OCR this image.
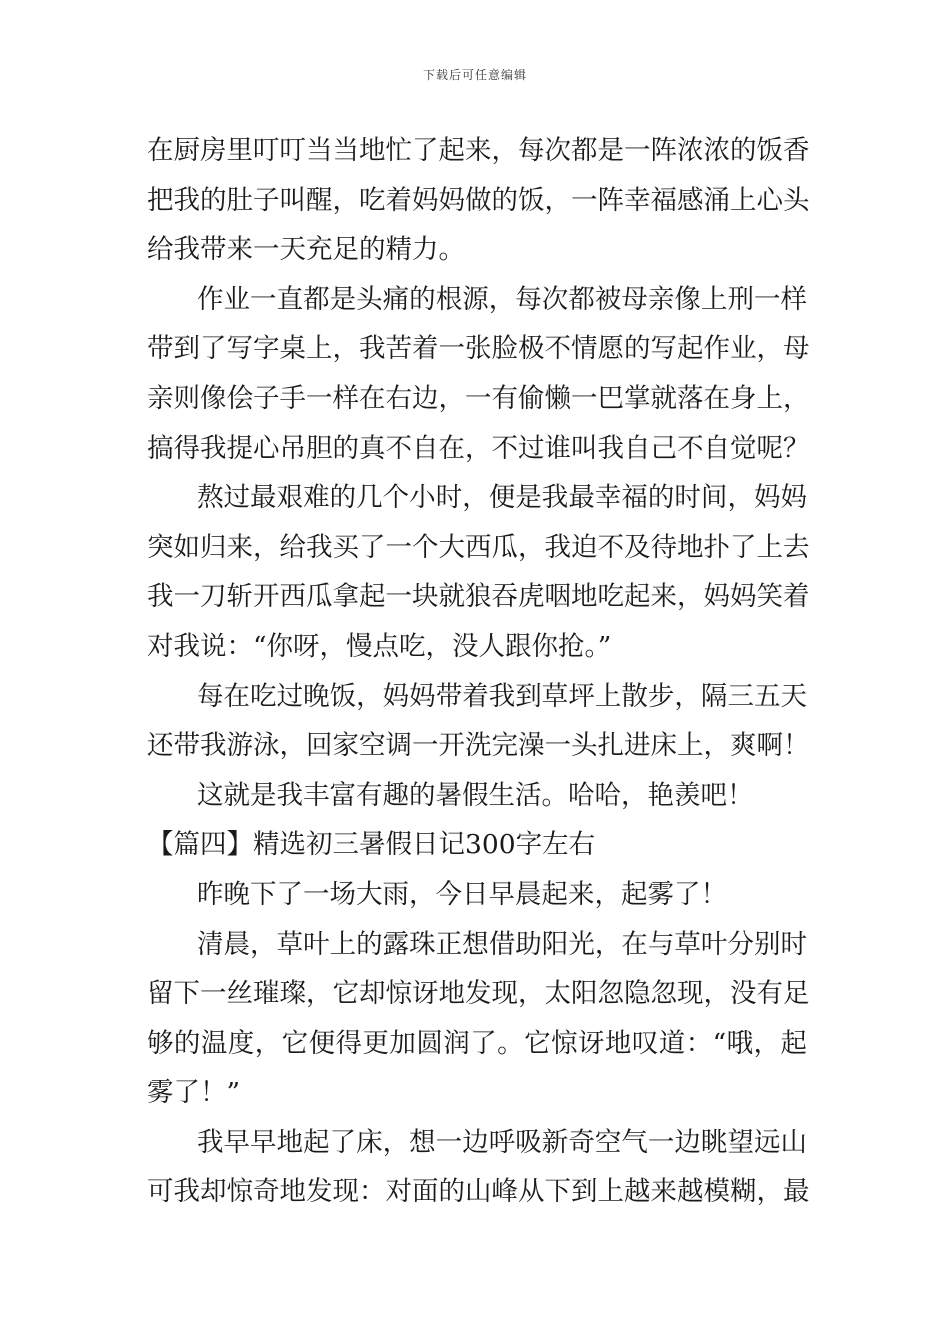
下载后可任意编辑
在厨房里叮叮当当地忙了起来，每次都是一阵浓浓的饭香
把我的肚子叫醒，吃着妈妈做的饭，一阵幸福感涌上心头
给我带来一天充足的精力。
作业一直都是头痛的根源，每次都被母亲像上刑一样
带到了写字桌上，我苦着一张脸极不情愿的写起作业，母
亲则像侩子手一样在右边，一有偷懒一巴掌就落在身上，
搞得我提心吊胆的真不自在，不过谁叫我自己不自觉呢？
熬过最艰难的几个小时，便是我最幸福的时间，妈妈
突如归来，给我买了一个大西瓜，我迫不及待地扑了上去
我一刀斩开西瓜拿起一块就狼吞虎咽地吃起来，妈妈笑着
对我说：“你呀，慢点吃，没人跟你抢。”
每在吃过晚饭，妈妈带着我到草坪上散步，隔三五天
还带我游泳，回家空调一开洗完澡一头扎进床上，爽啊！
这就是我丰富有趣的暑假生活。哈哈，艳羡吧！
【篇四】精选初三暑假日记300字左右
昨晚下了一场大雨，今日早晨起来，起雾了！
清晨，草叶上的露珠正想借助阳光，在与草叶分别时
留下一丝璀璨，它却惊讶地发现，太阳忽隐忽现，没有足
够的温度，它便得更加圆润了。它惊讶地叹道：“哦，起
雾了！”
我早早地起了床，想一边呼吸新奇空气一边眺望远山
可我却惊奇地发现：对面的山峰从下到上越来越模糊，最
